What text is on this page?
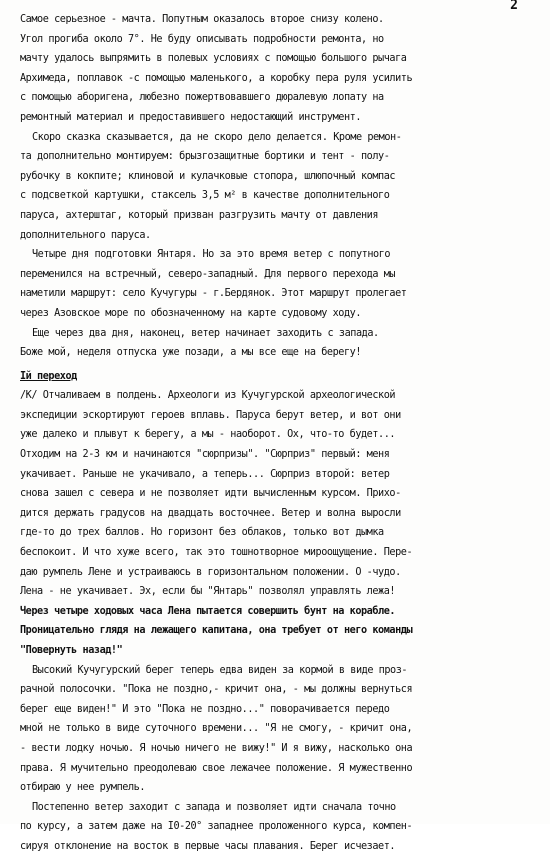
2
Самое серьезное - мачта. Попутным оказалось второе снизу колено.
Угол прогиба около 7°. Не буду описывать подробности ремонта, но
мачту удалось выпрямить в полевых условиях с помощью большого рычага
Архимеда, поплавок -с помощью маленького, а коробку пера руля усилить
с помощью аборигена, любезно пожертвовавшего дюралевую лопату на
ремонтный материал и предоставившего недостающий инструмент.
Скоро сказка сказывается, да не скоро дело делается. Кроме ремон-
та дополнительно монтируем: брызгозащитные бортики и тент - полу-
рубочку в кокпите; клиновой и кулачковые стопора, шлюпочный компас
с подсветкой картушки, стаксель 3,5 м² в качестве дополнительного
паруса, ахтерштаг, который призван разгрузить мачту от давления
дополнительного паруса.
Четыре дня подготовки Янтаря. Но за это время ветер с попутного
переменился на встречный, северо-западный. Для первого перехода мы
наметили маршрут: село Кучугуры - г.Бердянок. Этот маршрут пролегает
через Азовское море по обозначенному на карте судовому ходу.
Еще через два дня, наконец, ветер начинает заходить с запада.
Боже мой, неделя отпуска уже позади, а мы все еще на берегу!
Iй переход
/К/ Отчаливаем в полдень. Археологи из Кучугурской археологической
экспедиции эскортируют героев вплавь. Паруса берут ветер, и вот они
уже далеко и плывут к берегу, а мы - наоборот. Ох, что-то будет...
Отходим на 2-3 км и начинаются "сюрпризы". "Сюрприз" первый: меня
укачивает. Раньше не укачивало, а теперь... Сюрприз второй: ветер
снова зашел с севера и не позволяет идти вычисленным курсом. Прихо-
дится держать градусов на двадцать восточнее. Ветер и волна выросли
где-то до трех баллов. Но горизонт без облаков, только вот дымка
беспокоит. И что хуже всего, так это тошнотворное мироощущение. Пере-
даю румпель Лене и устраиваюсь в горизонтальном положении. О -чудо.
Лена - не укачивает. Эх, если бы "Янтарь" позволял управлять лежа!
Через четыре ходовых часа Лена пытается совершить бунт на корабле.
Проницательно глядя на лежащего капитана, она требует от него команды
"Повернуть назад!"
Высокий Кучугурский берег теперь едва виден за кормой в виде проз-
рачной полосочки. "Пока не поздно,- кричит она, - мы должны вернуться
берег еще виден!" И это "Пока не поздно..." поворачивается передо
мной не только в виде суточного времени... "Я не смогу, - кричит она,
- вести лодку ночью. Я ночью ничего не вижу!" И я вижу, насколько она
права. Я мучительно преодолеваю свое лежачее положение. Я мужественно
отбираю у нее румпель.
Постепенно ветер заходит с запада и позволяет идти сначала точно
по курсу, а затем даже на I0-20° западнее проложенного курса, компен-
сируя отклонение на восток в первые часы плавания. Берег исчезает.
